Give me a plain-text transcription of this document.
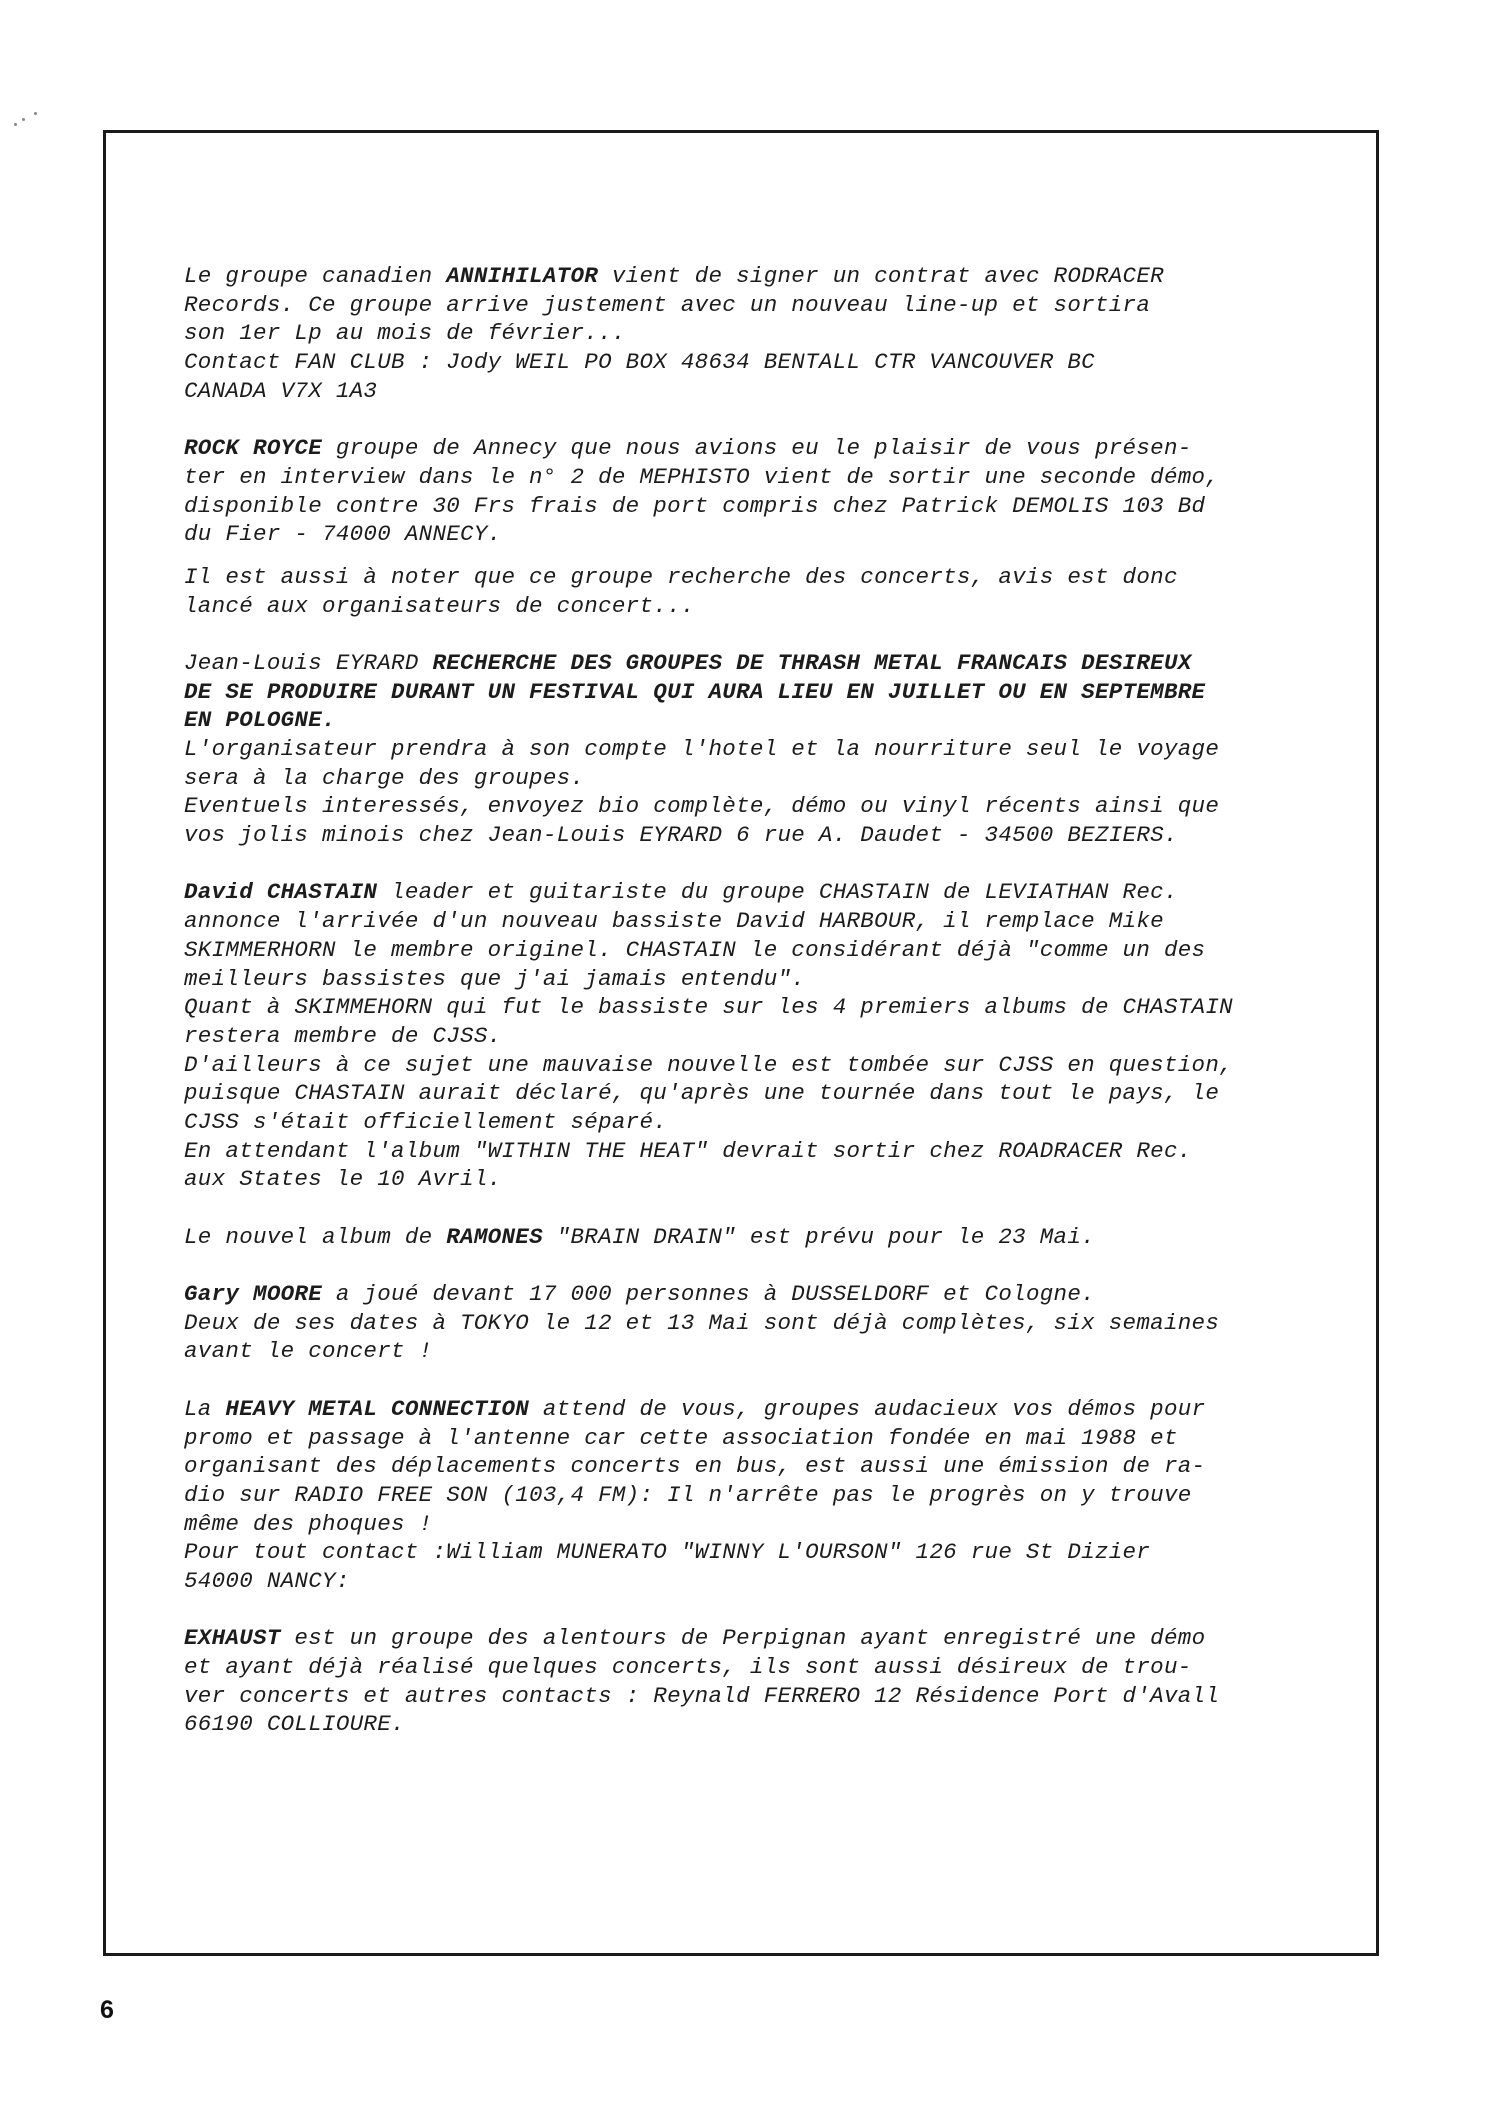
Le groupe canadien ANNIHILATOR vient de signer un contrat avec RODRACER
Records. Ce groupe arrive justement avec un nouveau line-up et sortira
son 1er Lp au mois de février...
Contact FAN CLUB : Jody WEIL PO BOX 48634 BENTALL CTR VANCOUVER BC
CANADA V7X 1A3
ROCK ROYCE groupe de Annecy que nous avions eu le plaisir de vous présen-
ter en interview dans le n° 2 de MEPHISTO vient de sortir une seconde démo,
disponible contre 30 Frs frais de port compris chez Patrick DEMOLIS 103 Bd
du Fier - 74000 ANNECY.
Il est aussi à noter que ce groupe recherche des concerts, avis est donc
lancé aux organisateurs de concert...
Jean-Louis EYRARD RECHERCHE DES GROUPES DE THRASH METAL FRANCAIS DESIREUX
DE SE PRODUIRE DURANT UN FESTIVAL QUI AURA LIEU EN JUILLET OU EN SEPTEMBRE
EN POLOGNE.
L'organisateur prendra à son compte l'hotel et la nourriture seul le voyage
sera à la charge des groupes.
Eventuels interessés, envoyez bio complète, démo ou vinyl récents ainsi que
vos jolis minois chez Jean-Louis EYRARD 6 rue A. Daudet - 34500 BEZIERS.
David CHASTAIN leader et guitariste du groupe CHASTAIN de LEVIATHAN Rec.
annonce l'arrivée d'un nouveau bassiste David HARBOUR, il remplace Mike
SKIMMERHORN le membre originel. CHASTAIN le considérant déjà "comme un des
meilleurs bassistes que j'ai jamais entendu".
Quant à SKIMMEHORN qui fut le bassiste sur les 4 premiers albums de CHASTAIN
restera membre de CJSS.
D'ailleurs à ce sujet une mauvaise nouvelle est tombée sur CJSS en question,
puisque CHASTAIN aurait déclaré, qu'après une tournée dans tout le pays, le
CJSS s'était officiellement séparé.
En attendant l'album "WITHIN THE HEAT" devrait sortir chez ROADRACER Rec.
aux States le 10 Avril.
Le nouvel album de RAMONES "BRAIN DRAIN" est prévu pour le 23 Mai.
Gary MOORE a joué devant 17 000 personnes à DUSSELDORF et Cologne.
Deux de ses dates à TOKYO le 12 et 13 Mai sont déjà complètes, six semaines
avant le concert !
La HEAVY METAL CONNECTION attend de vous, groupes audacieux vos démos pour
promo et passage à l'antenne car cette association fondée en mai 1988 et
organisant des déplacements concerts en bus, est aussi une émission de ra-
dio sur RADIO FREE SON (103,4 FM): Il n'arrête pas le progrès on y trouve
même des phoques !
Pour tout contact :William MUNERATO "WINNY L'OURSON" 126 rue St Dizier
54000 NANCY:
EXHAUST est un groupe des alentours de Perpignan ayant enregistré une démo
et ayant déjà réalisé quelques concerts, ils sont aussi désireux de trou-
ver concerts et autres contacts : Reynald FERRERO 12 Résidence Port d'Avall
66190 COLLIOURE.
6
